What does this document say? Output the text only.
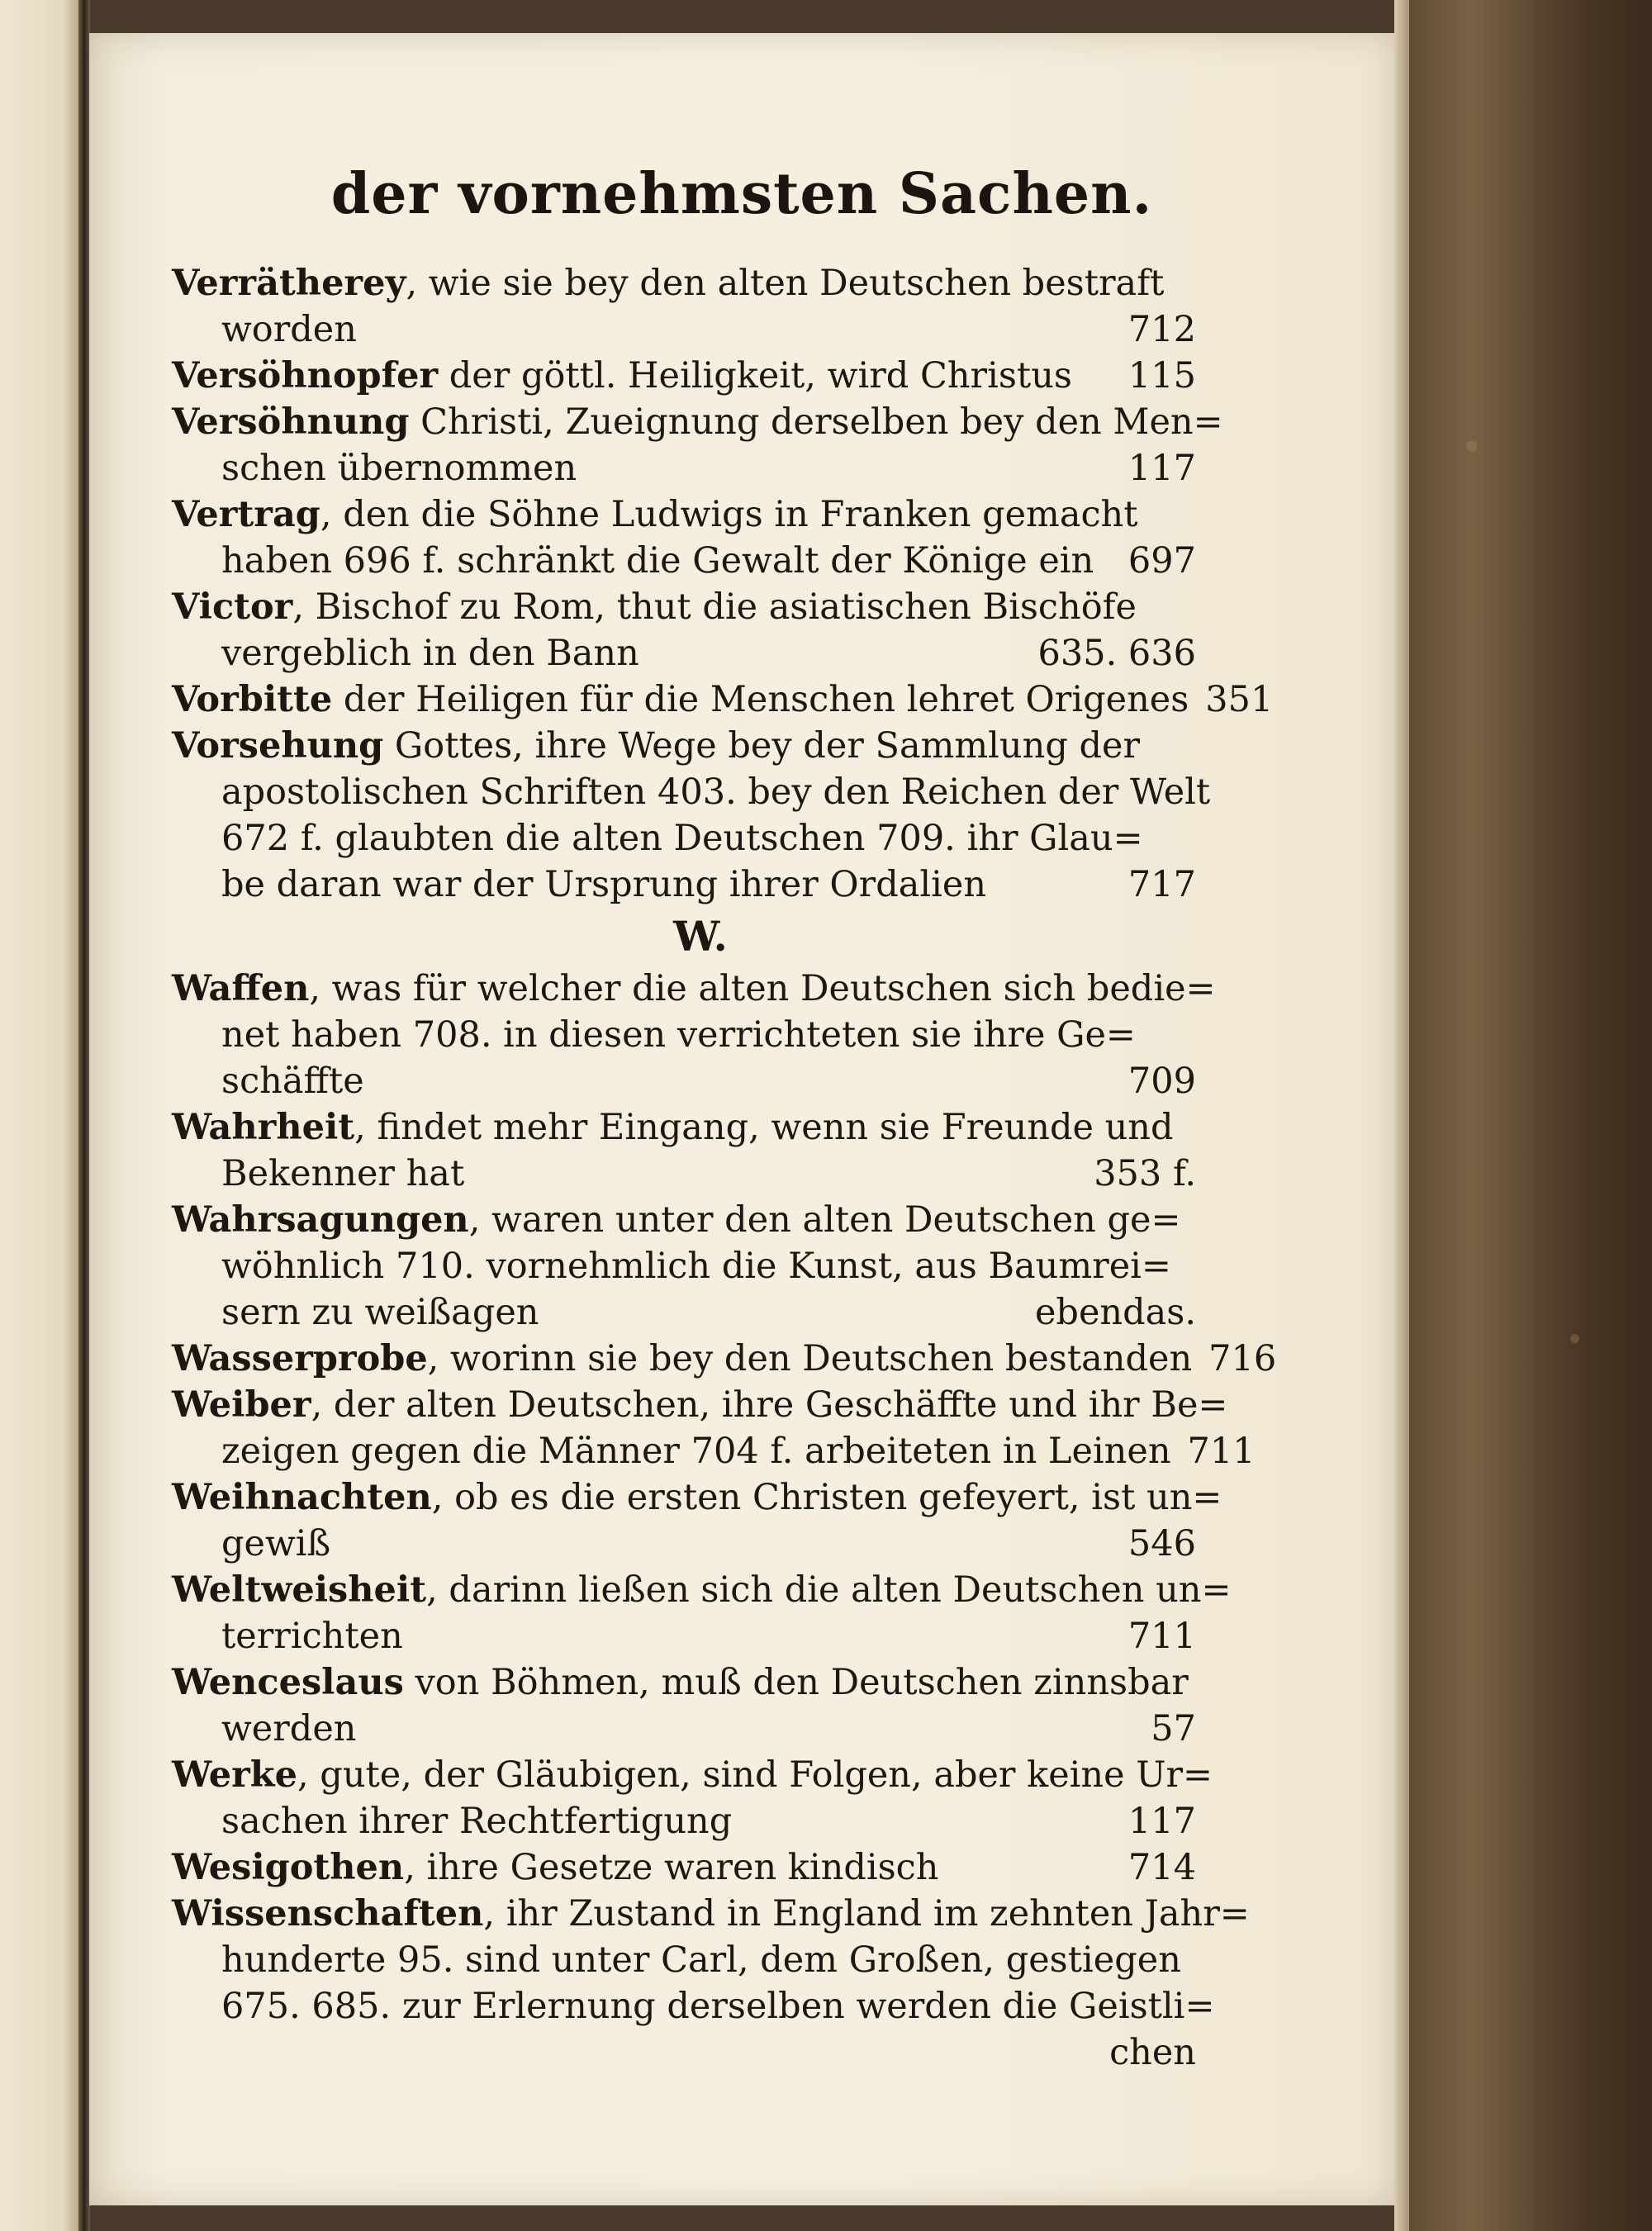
der vornehmsten Sachen.
Verrätherey, wie sie bey den alten Deutschen bestraft
worden	712
Versöhnopfer der göttl. Heiligkeit, wird Christus	115
Versöhnung Christi, Zueignung derselben bey den Men=
schen übernommen	117
Vertrag, den die Söhne Ludwigs in Franken gemacht
haben 696 f. schränkt die Gewalt der Könige ein 697
Victor, Bischof zu Rom, thut die asiatischen Bischöfe
vergeblich in den Bann	635. 636
Vorbitte der Heiligen für die Menschen lehret Origenes 351
Vorsehung Gottes, ihre Wege bey der Sammlung der
apostolischen Schriften 403. bey den Reichen der Welt
672 f. glaubten die alten Deutschen 709. ihr Glau=
be daran war der Ursprung ihrer Ordalien	717
W.
Waffen, was für welcher die alten Deutschen sich bedie=
net haben 708. in diesen verrichteten sie ihre Ge=
schäffte	709
Wahrheit, findet mehr Eingang, wenn sie Freunde und
Bekenner hat	353 f.
Wahrsagungen, waren unter den alten Deutschen ge=
wöhnlich 710. vornehmlich die Kunst, aus Baumrei=
sern zu weißagen	ebendas.
Wasserprobe, worinn sie bey den Deutschen bestanden 716
Weiber, der alten Deutschen, ihre Geschäffte und ihr Be=
zeigen gegen die Männer 704 f. arbeiteten in Leinen 711
Weihnachten, ob es die ersten Christen gefeyert, ist un=
gewiß	546
Weltweisheit, darinn ließen sich die alten Deutschen un=
terrichten	711
Wenceslaus von Böhmen, muß den Deutschen zinnsbar
werden	57
Werke, gute, der Gläubigen, sind Folgen, aber keine Ur=
sachen ihrer Rechtfertigung	117
Wesigothen, ihre Gesetze waren kindisch	714
Wissenschaften, ihr Zustand in England im zehnten Jahr=
hunderte 95. sind unter Carl, dem Großen, gestiegen
675. 685. zur Erlernung derselben werden die Geistli=
chen
